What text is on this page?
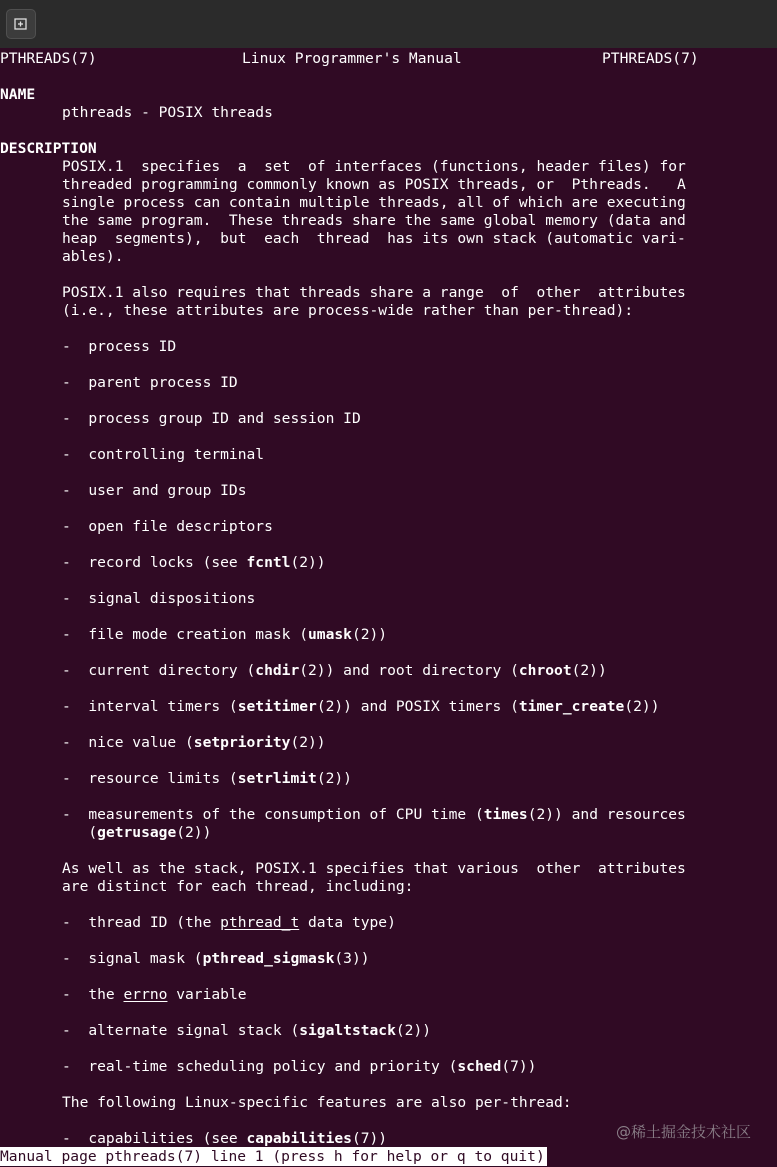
PTHREADS(7)	Linux Programmer's Manual	PTHREADS(7)
NAME
pthreads - POSIX threads
DESCRIPTION
POSIX.1  specifies  a  set  of interfaces (functions, header files) for
threaded programming commonly known as POSIX threads, or  Pthreads.   A
single process can contain multiple threads, all of which are executing
the same program.  These threads share the same global memory (data and
heap  segments),  but  each  thread  has its own stack (automatic vari-
ables).
POSIX.1 also requires that threads share a range  of  other  attributes
(i.e., these attributes are process-wide rather than per-thread):
-  process ID
-  parent process ID
-  process group ID and session ID
-  controlling terminal
-  user and group IDs
-  open file descriptors
-  record locks (see fcntl(2))
-  signal dispositions
-  file mode creation mask (umask(2))
-  current directory (chdir(2)) and root directory (chroot(2))
-  interval timers (setitimer(2)) and POSIX timers (timer_create(2))
-  nice value (setpriority(2))
-  resource limits (setrlimit(2))
-  measurements of the consumption of CPU time (times(2)) and resources
(getrusage(2))
As well as the stack, POSIX.1 specifies that various  other  attributes
are distinct for each thread, including:
-  thread ID (the pthread_t data type)
-  signal mask (pthread_sigmask(3))
-  the errno variable
-  alternate signal stack (sigaltstack(2))
-  real-time scheduling policy and priority (sched(7))
The following Linux-specific features are also per-thread:
-  capabilities (see capabilities(7))	@稀土掘金技术社区
Manual page pthreads(7) line 1 (press h for help or q to quit)
